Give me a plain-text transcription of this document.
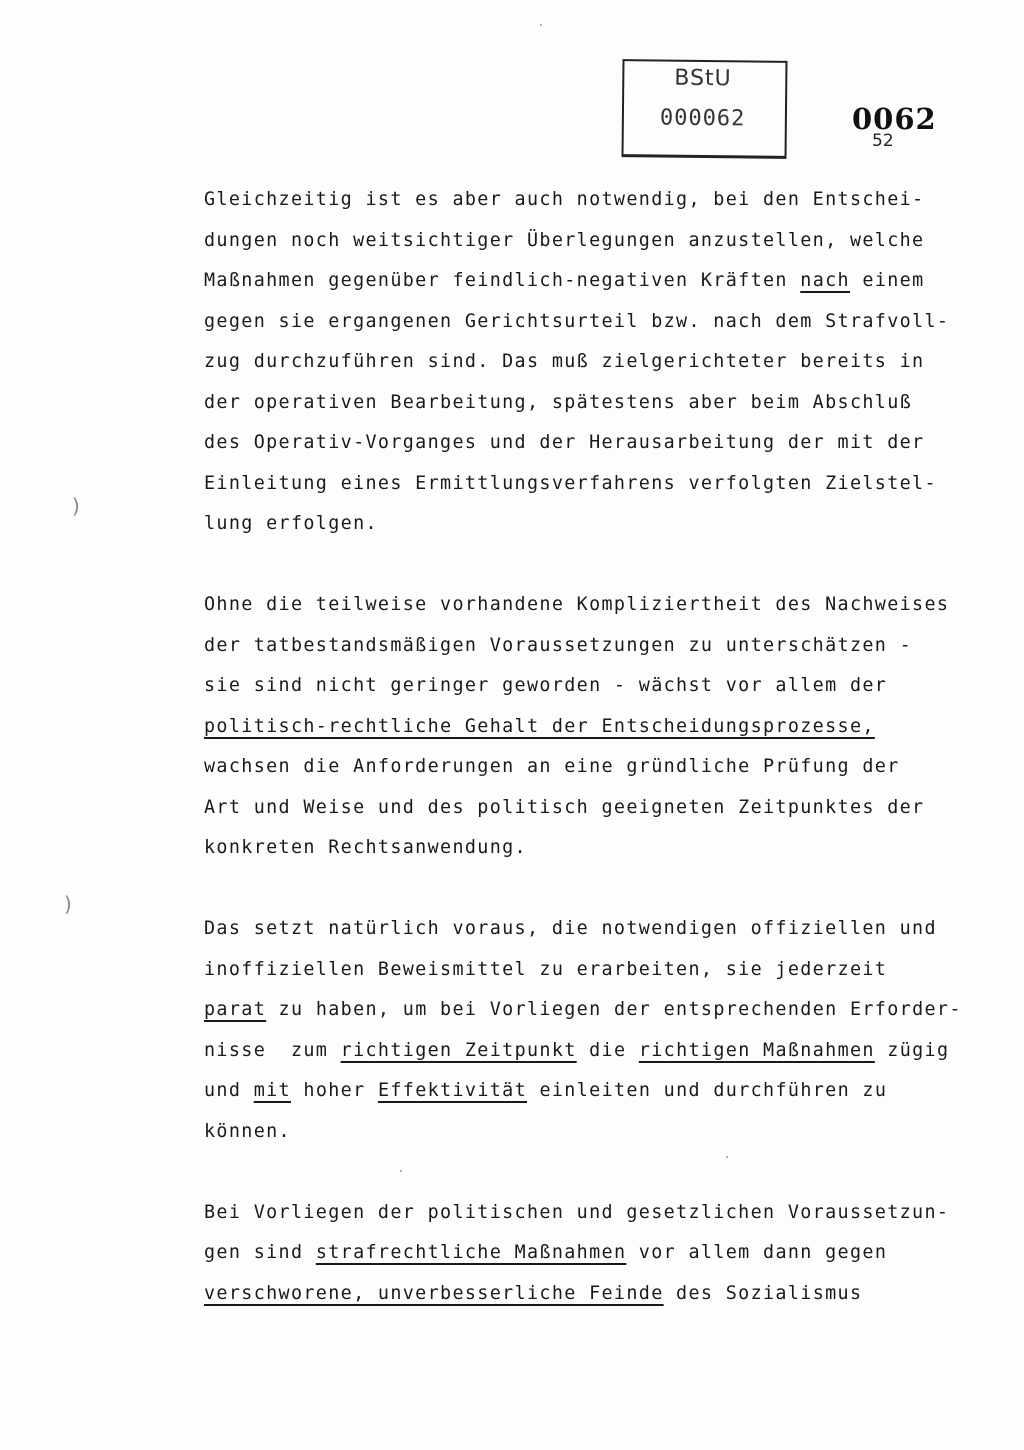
BStU
000062	0062
52
)
)
Gleichzeitig ist es aber auch notwendig, bei den Entschei-
dungen noch weitsichtiger Überlegungen anzustellen, welche
Maßnahmen gegenüber feindlich-negativen Kräften nach einem
gegen sie ergangenen Gerichtsurteil bzw. nach dem Strafvoll-
zug durchzuführen sind. Das muß zielgerichteter bereits in
der operativen Bearbeitung, spätestens aber beim Abschluß
des Operativ-Vorganges und der Herausarbeitung der mit der
Einleitung eines Ermittlungsverfahrens verfolgten Zielstel-
lung erfolgen.
Ohne die teilweise vorhandene Kompliziertheit des Nachweises
der tatbestandsmäßigen Voraussetzungen zu unterschätzen -
sie sind nicht geringer geworden - wächst vor allem der
politisch-rechtliche Gehalt der Entscheidungsprozesse,
wachsen die Anforderungen an eine gründliche Prüfung der
Art und Weise und des politisch geeigneten Zeitpunktes der
konkreten Rechtsanwendung.
Das setzt natürlich voraus, die notwendigen offiziellen und
inoffiziellen Beweismittel zu erarbeiten, sie jederzeit
parat zu haben, um bei Vorliegen der entsprechenden Erforder-
nisse  zum richtigen Zeitpunkt die richtigen Maßnahmen zügig
und mit hoher Effektivität einleiten und durchführen zu
können.
Bei Vorliegen der politischen und gesetzlichen Voraussetzun-
gen sind strafrechtliche Maßnahmen vor allem dann gegen
verschworene, unverbesserliche Feinde des Sozialismus
